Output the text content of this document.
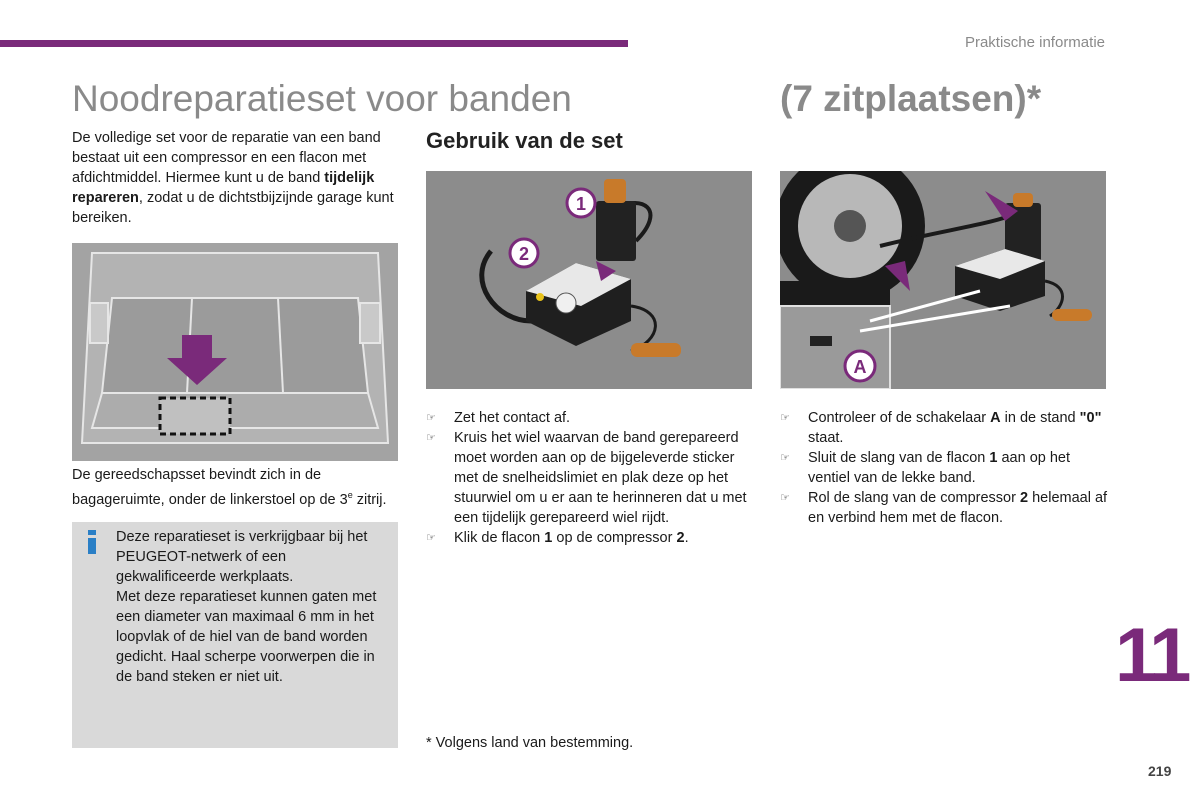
Praktische informatie
Noodreparatieset voor banden	(7 zitplaatsen)*
De volledige set voor de reparatie van een band bestaat uit een compressor en een flacon met afdichtmiddel. Hiermee kunt u de band tijdelijk repareren, zodat u de dichtstbijzijnde garage kunt bereiken.
De gereedschapsset bevindt zich in de bagageruimte, onder de linkerstoel op de 3e zitrij.
Deze reparatieset is verkrijgbaar bij het PEUGEOT-netwerk of een gekwalificeerde werkplaats.
Met deze reparatieset kunnen gaten met een diameter van maximaal 6 mm in het loopvlak of de hiel van de band worden gedicht. Haal scherpe voorwerpen die in de band steken er niet uit.
Gebruik van de set
1
2
A
☞ Zet het contact af.
☞ Kruis het wiel waarvan de band gerepareerd moet worden aan op de bijgeleverde sticker met de snelheidslimiet en plak deze op het stuurwiel om u er aan te herinneren dat u met een tijdelijk gerepareerd wiel rijdt.
☞ Klik de flacon 1 op de compressor 2.
☞ Controleer of de schakelaar A in de stand "0" staat.
☞ Sluit de slang van de flacon 1 aan op het ventiel van de lekke band.
☞ Rol de slang van de compressor 2 helemaal af en verbind hem met de flacon.
* Volgens land van bestemming.
11
219
